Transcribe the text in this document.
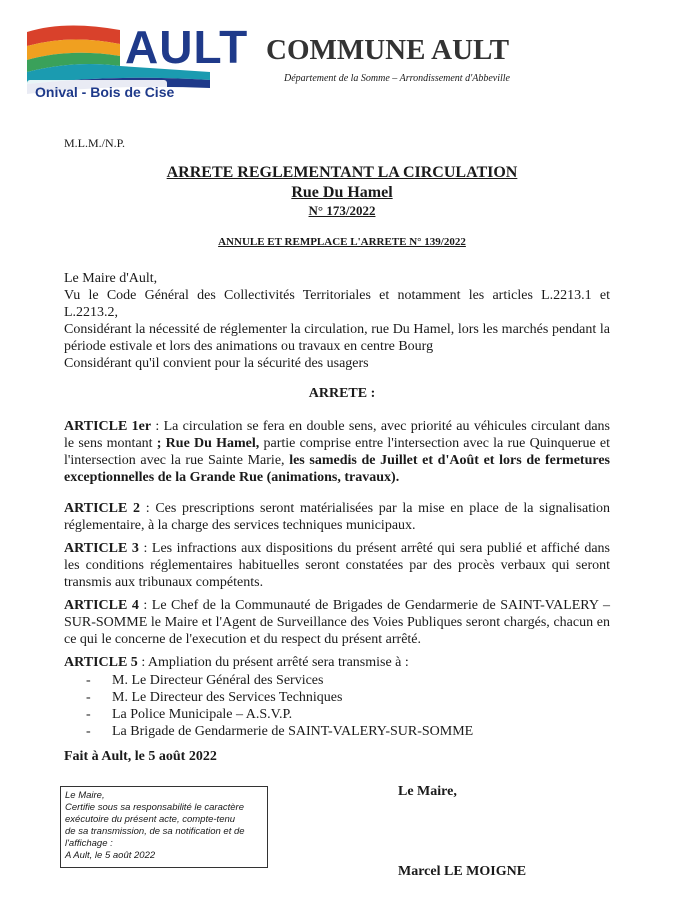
AULT
Onival - Bois de Cise
COMMUNE AULT
Département de la Somme – Arrondissement d'Abbeville
M.L.M./N.P.
ARRETE REGLEMENTANT LA CIRCULATION
Rue Du Hamel
N° 173/2022
ANNULE ET REMPLACE L'ARRETE N° 139/2022
Le Maire d'Ault,
Vu le Code Général des Collectivités Territoriales et notamment les articles L.2213.1 et L.2213.2,
Considérant la nécessité de réglementer la circulation, rue Du Hamel, lors les marchés pendant la période estivale et lors des animations ou travaux en centre Bourg
Considérant qu'il convient pour la sécurité des usagers
ARRETE :
ARTICLE 1er : La circulation se fera en double sens, avec priorité au véhicules circulant dans le sens montant ; Rue Du Hamel, partie comprise entre l'intersection avec la rue Quinquerue et l'intersection avec la rue Sainte Marie, les samedis de Juillet et d'Août et lors de fermetures exceptionnelles de la Grande Rue (animations, travaux).
ARTICLE 2 : Ces prescriptions seront matérialisées par la mise en place de la signalisation réglementaire, à la charge des services techniques municipaux.
ARTICLE 3 : Les infractions aux dispositions du présent arrêté qui sera publié et affiché dans les conditions réglementaires habituelles seront constatées par des procès verbaux qui seront transmis aux tribunaux compétents.
ARTICLE 4 : Le Chef de la Communauté de Brigades de Gendarmerie de SAINT-VALERY – SUR-SOMME le Maire et l'Agent de Surveillance des Voies Publiques seront chargés, chacun en ce qui le concerne de l'execution et du respect du présent arrêté.
ARTICLE 5 : Ampliation du présent arrêté sera transmise à :
-	M. Le Directeur Général des Services
-	M. Le Directeur des Services Techniques
-	La Police Municipale – A.S.V.P.
-	La Brigade de Gendarmerie de SAINT-VALERY-SUR-SOMME
Fait à Ault, le 5 août 2022
Le Maire,
Certifie sous sa responsabilité le caractère
exécutoire du présent acte, compte-tenu
de sa transmission, de sa notification et de
l'affichage :
A Ault, le 5 août 2022
Le Maire,
Marcel LE MOIGNE
